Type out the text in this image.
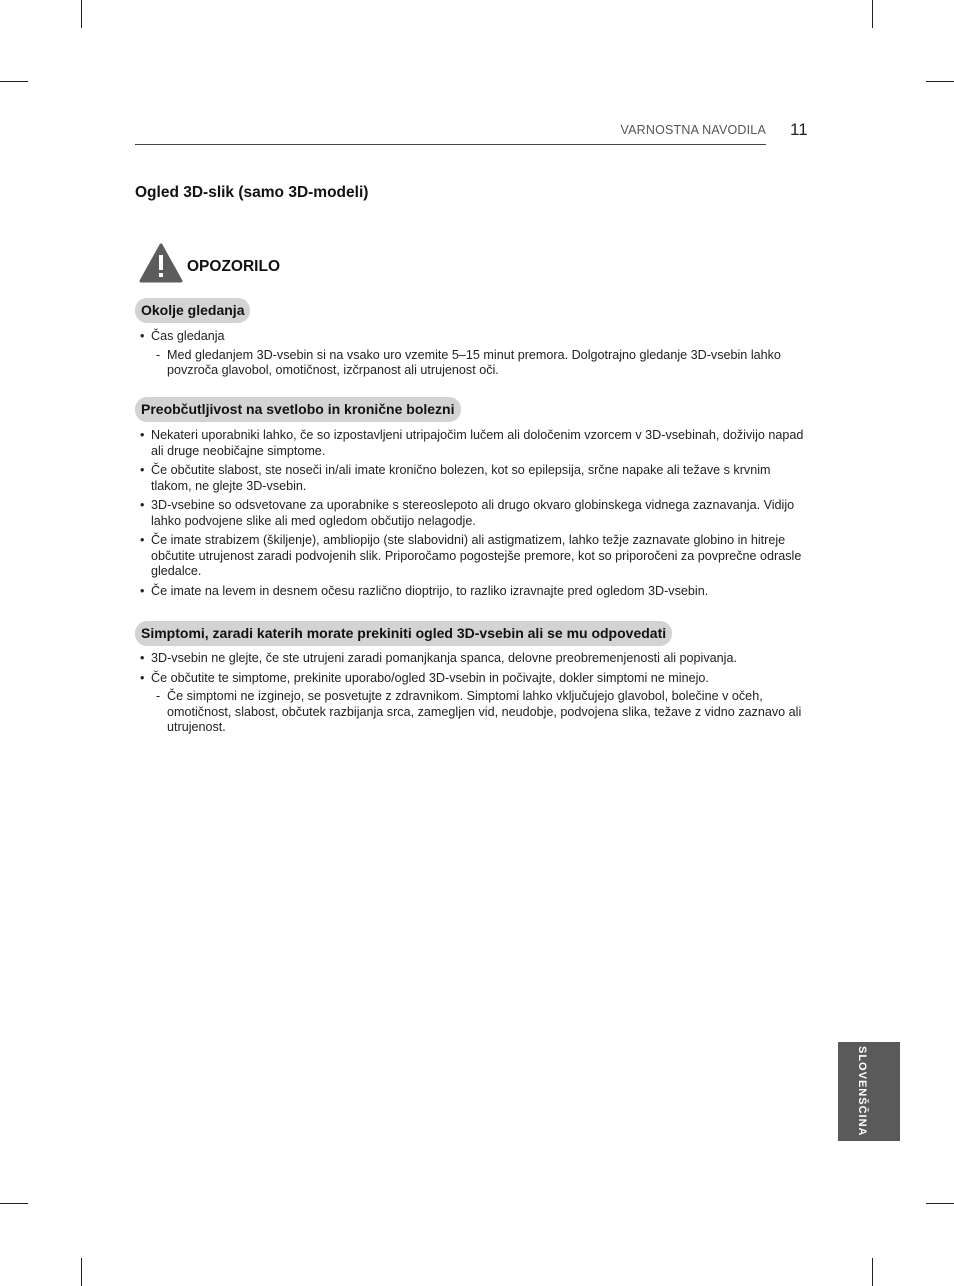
VARNOSTNA NAVODILA 11
Ogled 3D-slik (samo 3D-modeli)
OPOZORILO
Okolje gledanja
• Čas gledanja
- Med gledanjem 3D-vsebin si na vsako uro vzemite 5–15 minut premora. Dolgotrajno gledanje 3D-vsebin lahko povzroča glavobol, omotičnost, izčrpanost ali utrujenost oči.
Preobčutljivost na svetlobo in kronične bolezni
• Nekateri uporabniki lahko, če so izpostavljeni utripajočim lučem ali določenim vzorcem v 3D-vsebinah, doživijo napad ali druge neobičajne simptome.
• Če občutite slabost, ste noseči in/ali imate kronično bolezen, kot so epilepsija, srčne napake ali težave s krvnim tlakom, ne glejte 3D-vsebin.
• 3D-vsebine so odsvetovane za uporabnike s stereoslepoto ali drugo okvaro globinskega vidnega zaznavanja. Vidijo lahko podvojene slike ali med ogledom občutijo nelagodje.
• Če imate strabizem (škiljenje), ambliopijo (ste slabovidni) ali astigmatizem, lahko težje zaznavate globino in hitreje občutite utrujenost zaradi podvojenih slik. Priporočamo pogostejše premore, kot so priporočeni za povprečne odrasle gledalce.
• Če imate na levem in desnem očesu različno dioptrijo, to razliko izravnajte pred ogledom 3D-vsebin.
Simptomi, zaradi katerih morate prekiniti ogled 3D-vsebin ali se mu odpovedati
• 3D-vsebin ne glejte, če ste utrujeni zaradi pomanjkanja spanca, delovne preobremenjenosti ali popivanja.
• Če občutite te simptome, prekinite uporabo/ogled 3D-vsebin in počivajte, dokler simptomi ne minejo.
- Če simptomi ne izginejo, se posvetujte z zdravnikom. Simptomi lahko vključujejo glavobol, bolečine v očeh, omotičnost, slabost, občutek razbijanja srca, zamegljen vid, neudobje, podvojena slika, težave z vidno zaznavo ali utrujenost.
SLOVENŠČINA
